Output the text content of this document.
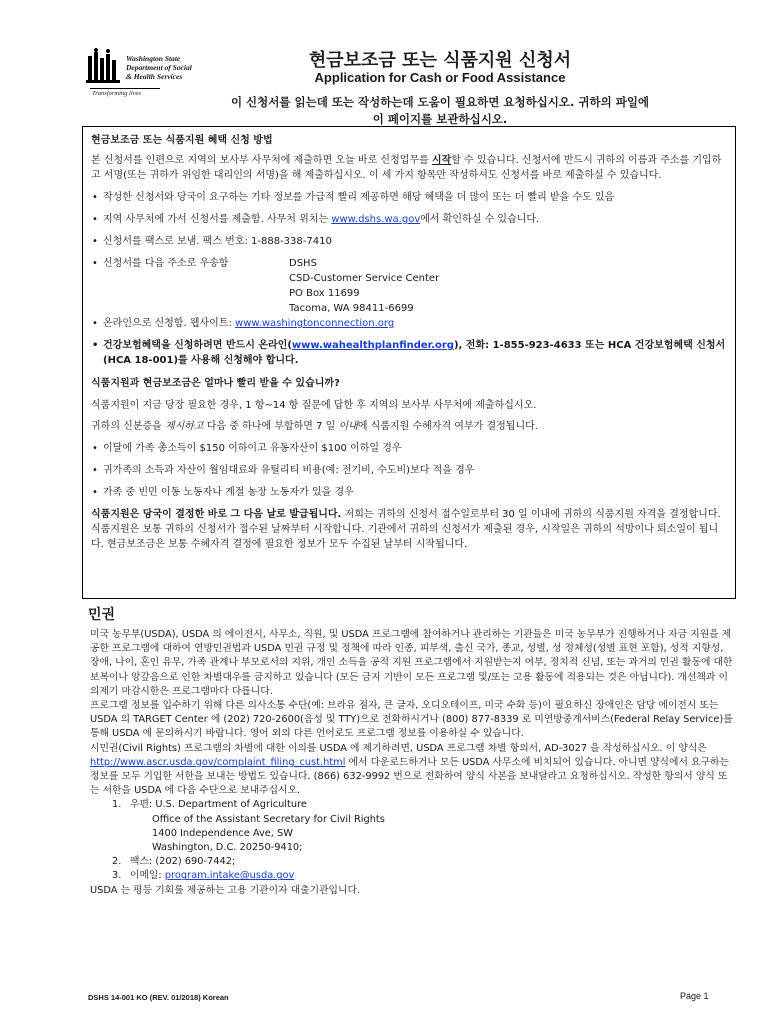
Washington State
Department of Social
& Health Services
Transforming lives
현금보조금 또는 식품지원 신청서
Application for Cash or Food Assistance
이 신청서를 읽는데 또는 작성하는데 도움이 필요하면 요청하십시오. 귀하의 파일에 이 페이지를 보관하십시오.

현금보조금 또는 식품지원 혜택 신청 방법

본 신청서를 인편으로 지역의 보사부 사무처에 제출하면 오늘 바로 신청업무를 시작할 수 있습니다. 신청서에 반드시 귀하의 이름과 주소를 기입하고 서명(또는 귀하가 위임한 대리인의 서명)을 해 제출하십시오. 이 세 가지 항목만 작성하셔도 신청서를 바로 제출하실 수 있습니다.

• 작성한 신청서와 당국이 요구하는 기타 정보를 가급적 빨리 제공하면 해당 혜택을 더 많이 또는 더 빨리 받을 수도 있음

• 지역 사무처에 가서 신청서를 제출함. 사무처 위치는 www.dshs.wa.gov에서 확인하실 수 있습니다.

• 신청서를 팩스로 보냄. 팩스 번호: 1-888-338-7410

• 신청서를 다음 주소로 우송함	DSHS

CSD-Customer Service Center

PO Box 11699

Tacoma, WA 98411-6699

• 온라인으로 신청함. 웹사이트: www.washingtonconnection.org

• 건강보험혜택을 신청하려면 반드시 온라인(www.wahealthplanfinder.org), 전화: 1-855-923-4633 또는 HCA 건강보험혜택 신청서(HCA 18-001)를 사용해 신청해야 합니다.

식품지원과 현금보조금은 얼마나 빨리 받을 수 있습니까?

식품지원이 지금 당장 필요한 경우, 1 항~14 항 질문에 답한 후 지역의 보사부 사무처에 제출하십시오.

귀하의 신분증을 제시하고 다음 중 하나에 부합하면 7 일 이내에 식품지원 수혜자격 여부가 결정됩니다.

• 이달에 가족 총소득이 $150 이하이고 유동자산이 $100 이하일 경우

• 귀가족의 소득과 자산이 월임대료와 유틸리티 비용(예: 전기비, 수도비)보다 적을 경우

• 가족 중 빈민 이동 노동자나 계절 농장 노동자가 있을 경우

식품지원은 당국이 결정한 바로 그 다음 날로 발급됩니다. 저희는 귀하의 신청서 접수일로부터 30 일 이내에 귀하의 식품지원 자격을 결정합니다. 식품지원은 보통 귀하의 신청서가 접수된 날짜부터 시작합니다. 기관에서 귀하의 신청서가 제출된 경우, 시작일은 귀하의 석방이나 퇴소일이 됩니다. 현금보조금은 보통 수혜자격 결정에 필요한 정보가 모두 수집된 날부터 시작됩니다.

민권

미국 농무부(USDA), USDA 의 에이전시, 사무소, 직원, 및 USDA 프로그램에 참여하거나 관리하는 기관들은 미국 농무부가 진행하거나 자금 지원을 제공한 프로그램에 대하여 연방민권법과 USDA 민권 규정 및 정책에 따라 인종, 피부색, 출신 국가, 종교, 성별, 성 정체성(성별 표현 포함), 성적 지향성, 장애, 나이, 혼인 유무, 가족 관계나 부모로서의 지위, 개인 소득을 공적 지원 프로그램에서 지원받는지 여부, 정치적 신념, 또는 과거의 민권 활동에 대한 보복이나 앙갚음으로 인한 차별대우를 금지하고 있습니다 (모든 금지 기반이 모든 프로그램 및/또는 고용 활동에 적용되는 것은 아닙니다). 개선책과 이의제기 마감시한은 프로그램마다 다릅니다.

프로그램 정보를 입수하기 위해 다른 의사소통 수단(예: 브라유 점자, 큰 글자, 오디오테이프, 미국 수화 등)이 필요하신 장애인은 담당 에이전시 또는 USDA 의 TARGET Center 에 (202) 720-2600(음성 및 TTY)으로 전화하시거나 (800) 877-8339 로 미연방중계서비스(Federal Relay Service)를 통해 USDA 에 문의하시기 바랍니다. 영어 외의 다른 언어로도 프로그램 정보를 이용하실 수 있습니다.

시민권(Civil Rights) 프로그램의 차별에 대한 이의를 USDA 에 제기하려면, USDA 프로그램 차별 항의서, AD-3027 을 작성하십시오. 이 양식은 http://www.ascr.usda.gov/complaint_filing_cust.html 에서 다운로드하거나 모든 USDA 사무소에 비치되어 있습니다. 아니면 양식에서 요구하는 정보를 모두 기입한 서한을 보내는 방법도 있습니다. (866) 632-9992 번으로 전화하여 양식 사본을 보내달라고 요청하십시오. 작성한 항의서 양식 또는 서한을 USDA 에 다음 수단으로 보내주십시오.

1. 우편: U.S. Department of Agriculture

Office of the Assistant Secretary for Civil Rights

1400 Independence Ave, SW

Washington, D.C. 20250-9410;

2. 팩스: (202) 690-7442;

3. 이메일: program.intake@usda.gov

USDA 는 평등 기회를 제공하는 고용 기관이자 대출기관입니다.

DSHS 14-001 KO (REV. 01/2018) Korean	Page 1
